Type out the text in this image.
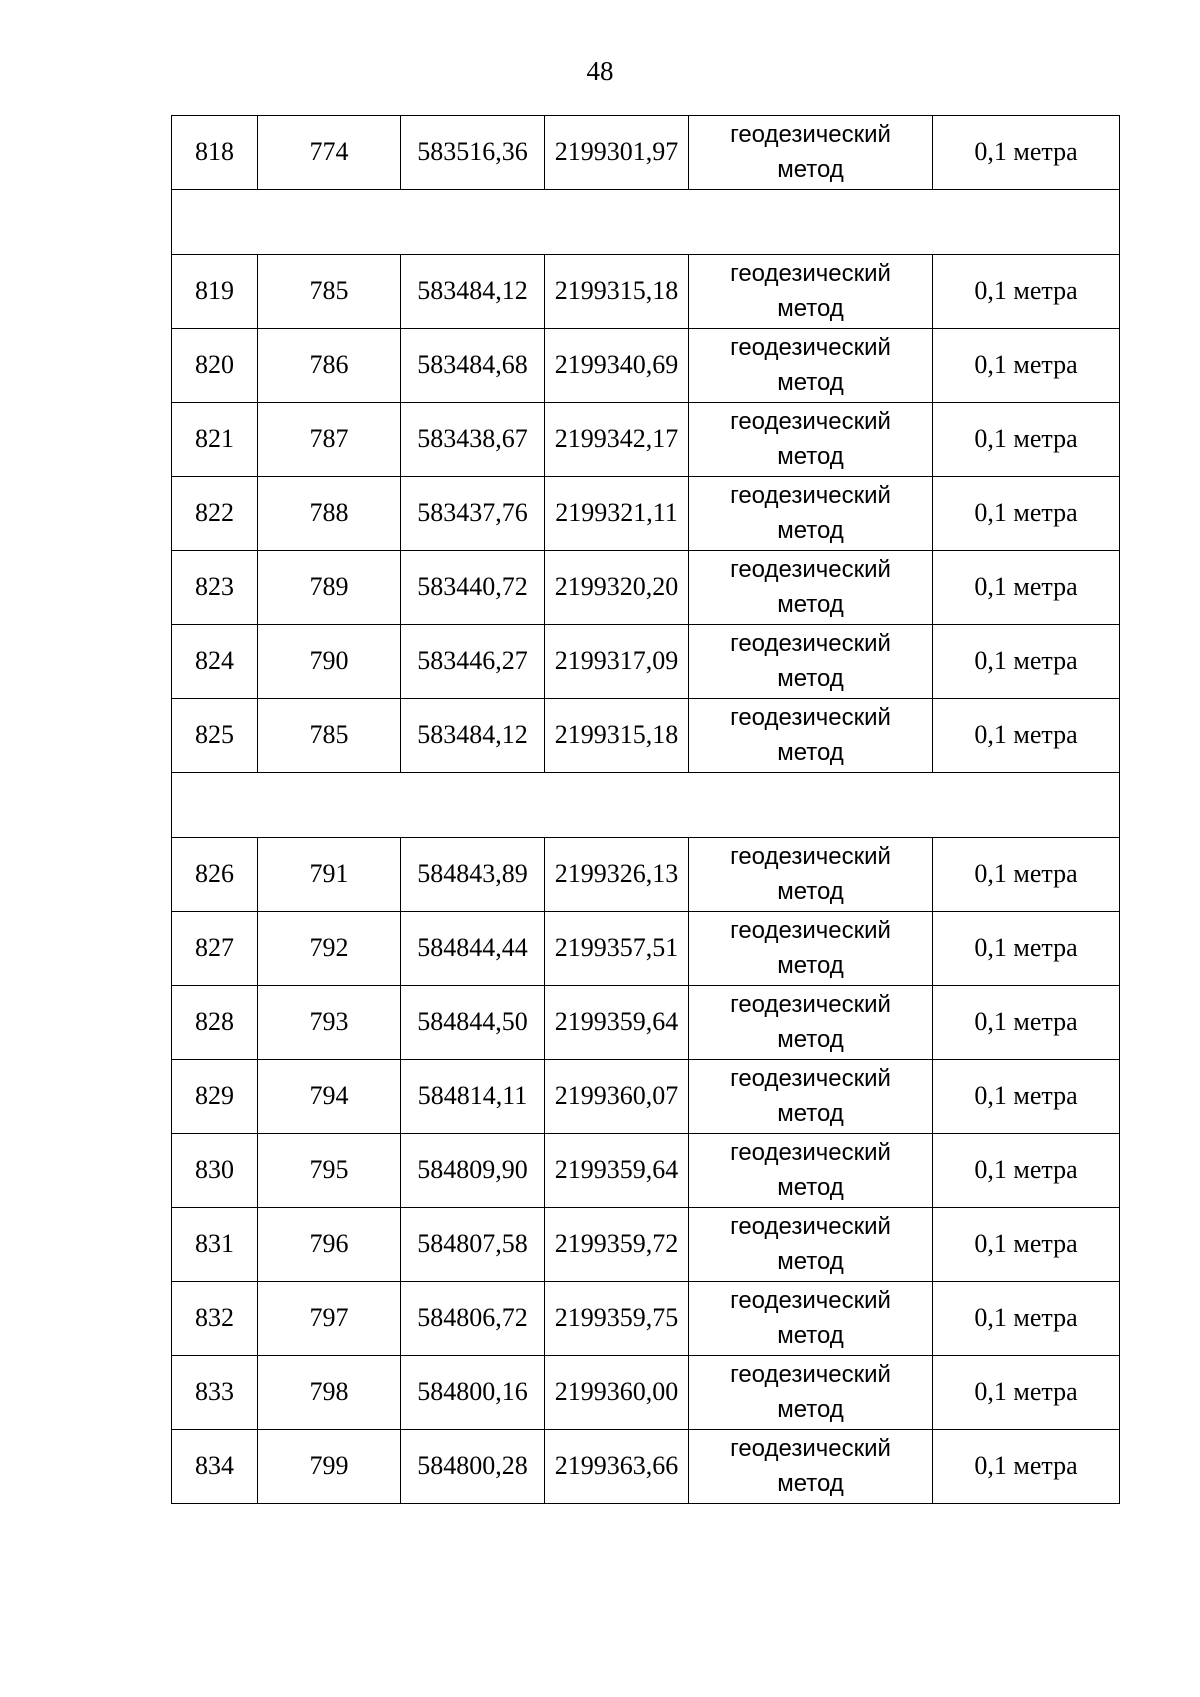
48
818	774	583516,36	2199301,97	геодезический
метод	0,1 метра

819	785	583484,12	2199315,18	геодезический
метод	0,1 метра
820	786	583484,68	2199340,69	геодезический
метод	0,1 метра
821	787	583438,67	2199342,17	геодезический
метод	0,1 метра
822	788	583437,76	2199321,11	геодезический
метод	0,1 метра
823	789	583440,72	2199320,20	геодезический
метод	0,1 метра
824	790	583446,27	2199317,09	геодезический
метод	0,1 метра
825	785	583484,12	2199315,18	геодезический
метод	0,1 метра

826	791	584843,89	2199326,13	геодезический
метод	0,1 метра
827	792	584844,44	2199357,51	геодезический
метод	0,1 метра
828	793	584844,50	2199359,64	геодезический
метод	0,1 метра
829	794	584814,11	2199360,07	геодезический
метод	0,1 метра
830	795	584809,90	2199359,64	геодезический
метод	0,1 метра
831	796	584807,58	2199359,72	геодезический
метод	0,1 метра
832	797	584806,72	2199359,75	геодезический
метод	0,1 метра
833	798	584800,16	2199360,00	геодезический
метод	0,1 метра
834	799	584800,28	2199363,66	геодезический
метод	0,1 метра
